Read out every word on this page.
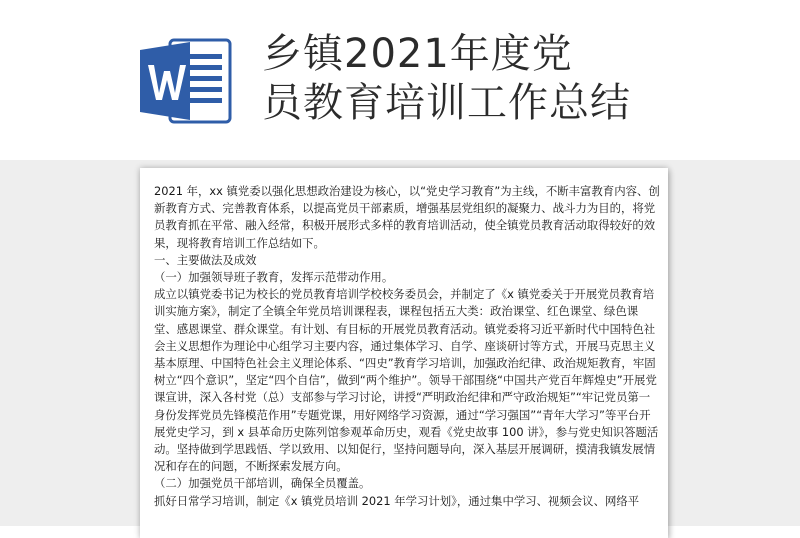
乡镇2021年度党
员教育培训工作总结

2021 年，xx 镇党委以强化思想政治建设为核心，以“党史学习教育”为主线，不断丰富教育内容、创新教育方式、完善教育体系，以提高党员干部素质，增强基层党组织的凝聚力、战斗力为目的，将党员教育抓在平常、融入经常，积极开展形式多样的教育培训活动，使全镇党员教育活动取得较好的效果，现将教育培训工作总结如下。

一、主要做法及成效

（一）加强领导班子教育，发挥示范带动作用。

成立以镇党委书记为校长的党员教育培训学校校务委员会，并制定了《x 镇党委关于开展党员教育培训实施方案》，制定了全镇全年党员培训课程表，课程包括五大类：政治课堂、红色课堂、绿色课堂、感恩课堂、群众课堂。有计划、有目标的开展党员教育活动。镇党委将习近平新时代中国特色社会主义思想作为理论中心组学习主要内容，通过集体学习、自学、座谈研讨等方式，开展马克思主义基本原理、中国特色社会主义理论体系、“四史”教育学习培训，加强政治纪律、政治规矩教育，牢固树立“四个意识”，坚定“四个自信”，做到“两个维护”。领导干部围绕“中国共产党百年辉煌史”开展党课宣讲，深入各村党（总）支部参与学习讨论，讲授“严明政治纪律和严守政治规矩”“牢记党员第一身份发挥党员先锋模范作用”专题党课，用好网络学习资源，通过“学习强国”“青年大学习”等平台开展党史学习，到 x 县革命历史陈列馆参观革命历史，观看《党史故事 100 讲》，参与党史知识答题活动。坚持做到学思践悟、学以致用、以知促行，坚持问题导向，深入基层开展调研，摸清我镇发展情况和存在的问题，不断探索发展方向。

（二）加强党员干部培训，确保全员覆盖。

抓好日常学习培训，制定《x 镇党员培训 2021 年学习计划》，通过集中学习、视频会议、网络平
